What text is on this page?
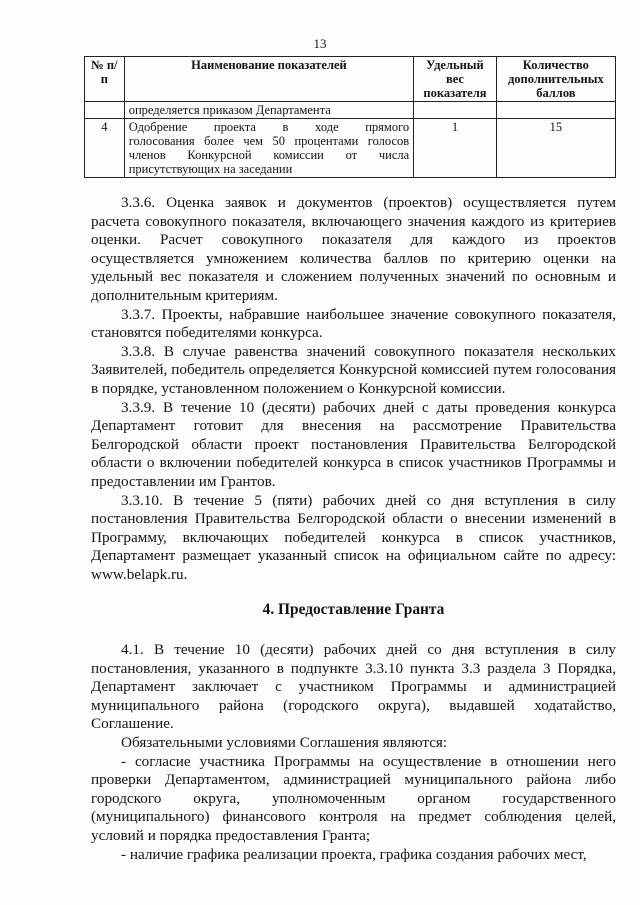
13
№ п/п	Наименование показателей	Удельный вес показателя	Количество дополнительных баллов
	определяется приказом Департамента		
4	Одобрение проекта в ходе прямого
голосования более чем 50 процентами голосов
членов Конкурсной комиссии от числа
присутствующих на заседании	1	15

3.3.6. Оценка заявок и документов (проектов) осуществляется путем расчета совокупного показателя, включающего значения каждого из критериев оценки. Расчет совокупного показателя для каждого из проектов осуществляется умножением количества баллов по критерию оценки на удельный вес показателя и сложением полученных значений по основным и дополнительным критериям.

3.3.7. Проекты, набравшие наибольшее значение совокупного показателя, становятся победителями конкурса.

3.3.8. В случае равенства значений совокупного показателя нескольких Заявителей, победитель определяется Конкурсной комиссией путем голосования в порядке, установленном положением о Конкурсной комиссии.

3.3.9. В течение 10 (десяти) рабочих дней с даты проведения конкурса Департамент готовит для внесения на рассмотрение Правительства Белгородской области проект постановления Правительства Белгородской области о включении победителей конкурса в список участников Программы и предоставлении им Грантов.

3.3.10. В течение 5 (пяти) рабочих дней со дня вступления в силу постановления Правительства Белгородской области о внесении изменений в Программу, включающих победителей конкурса в список участников, Департамент размещает указанный список на официальном сайте по адресу: www.belapk.ru.

4. Предоставление Гранта

4.1. В течение 10 (десяти) рабочих дней со дня вступления в силу постановления, указанного в подпункте 3.3.10 пункта 3.3 раздела 3 Порядка, Департамент заключает с участником Программы и администрацией муниципального района (городского округа), выдавшей ходатайство, Соглашение.

Обязательными условиями Соглашения являются:

- согласие участника Программы на осуществление в отношении него проверки Департаментом, администрацией муниципального района либо городского округа, уполномоченным органом государственного (муниципального) финансового контроля на предмет соблюдения целей, условий и порядка предоставления Гранта;

- наличие графика реализации проекта, графика создания рабочих мест,
